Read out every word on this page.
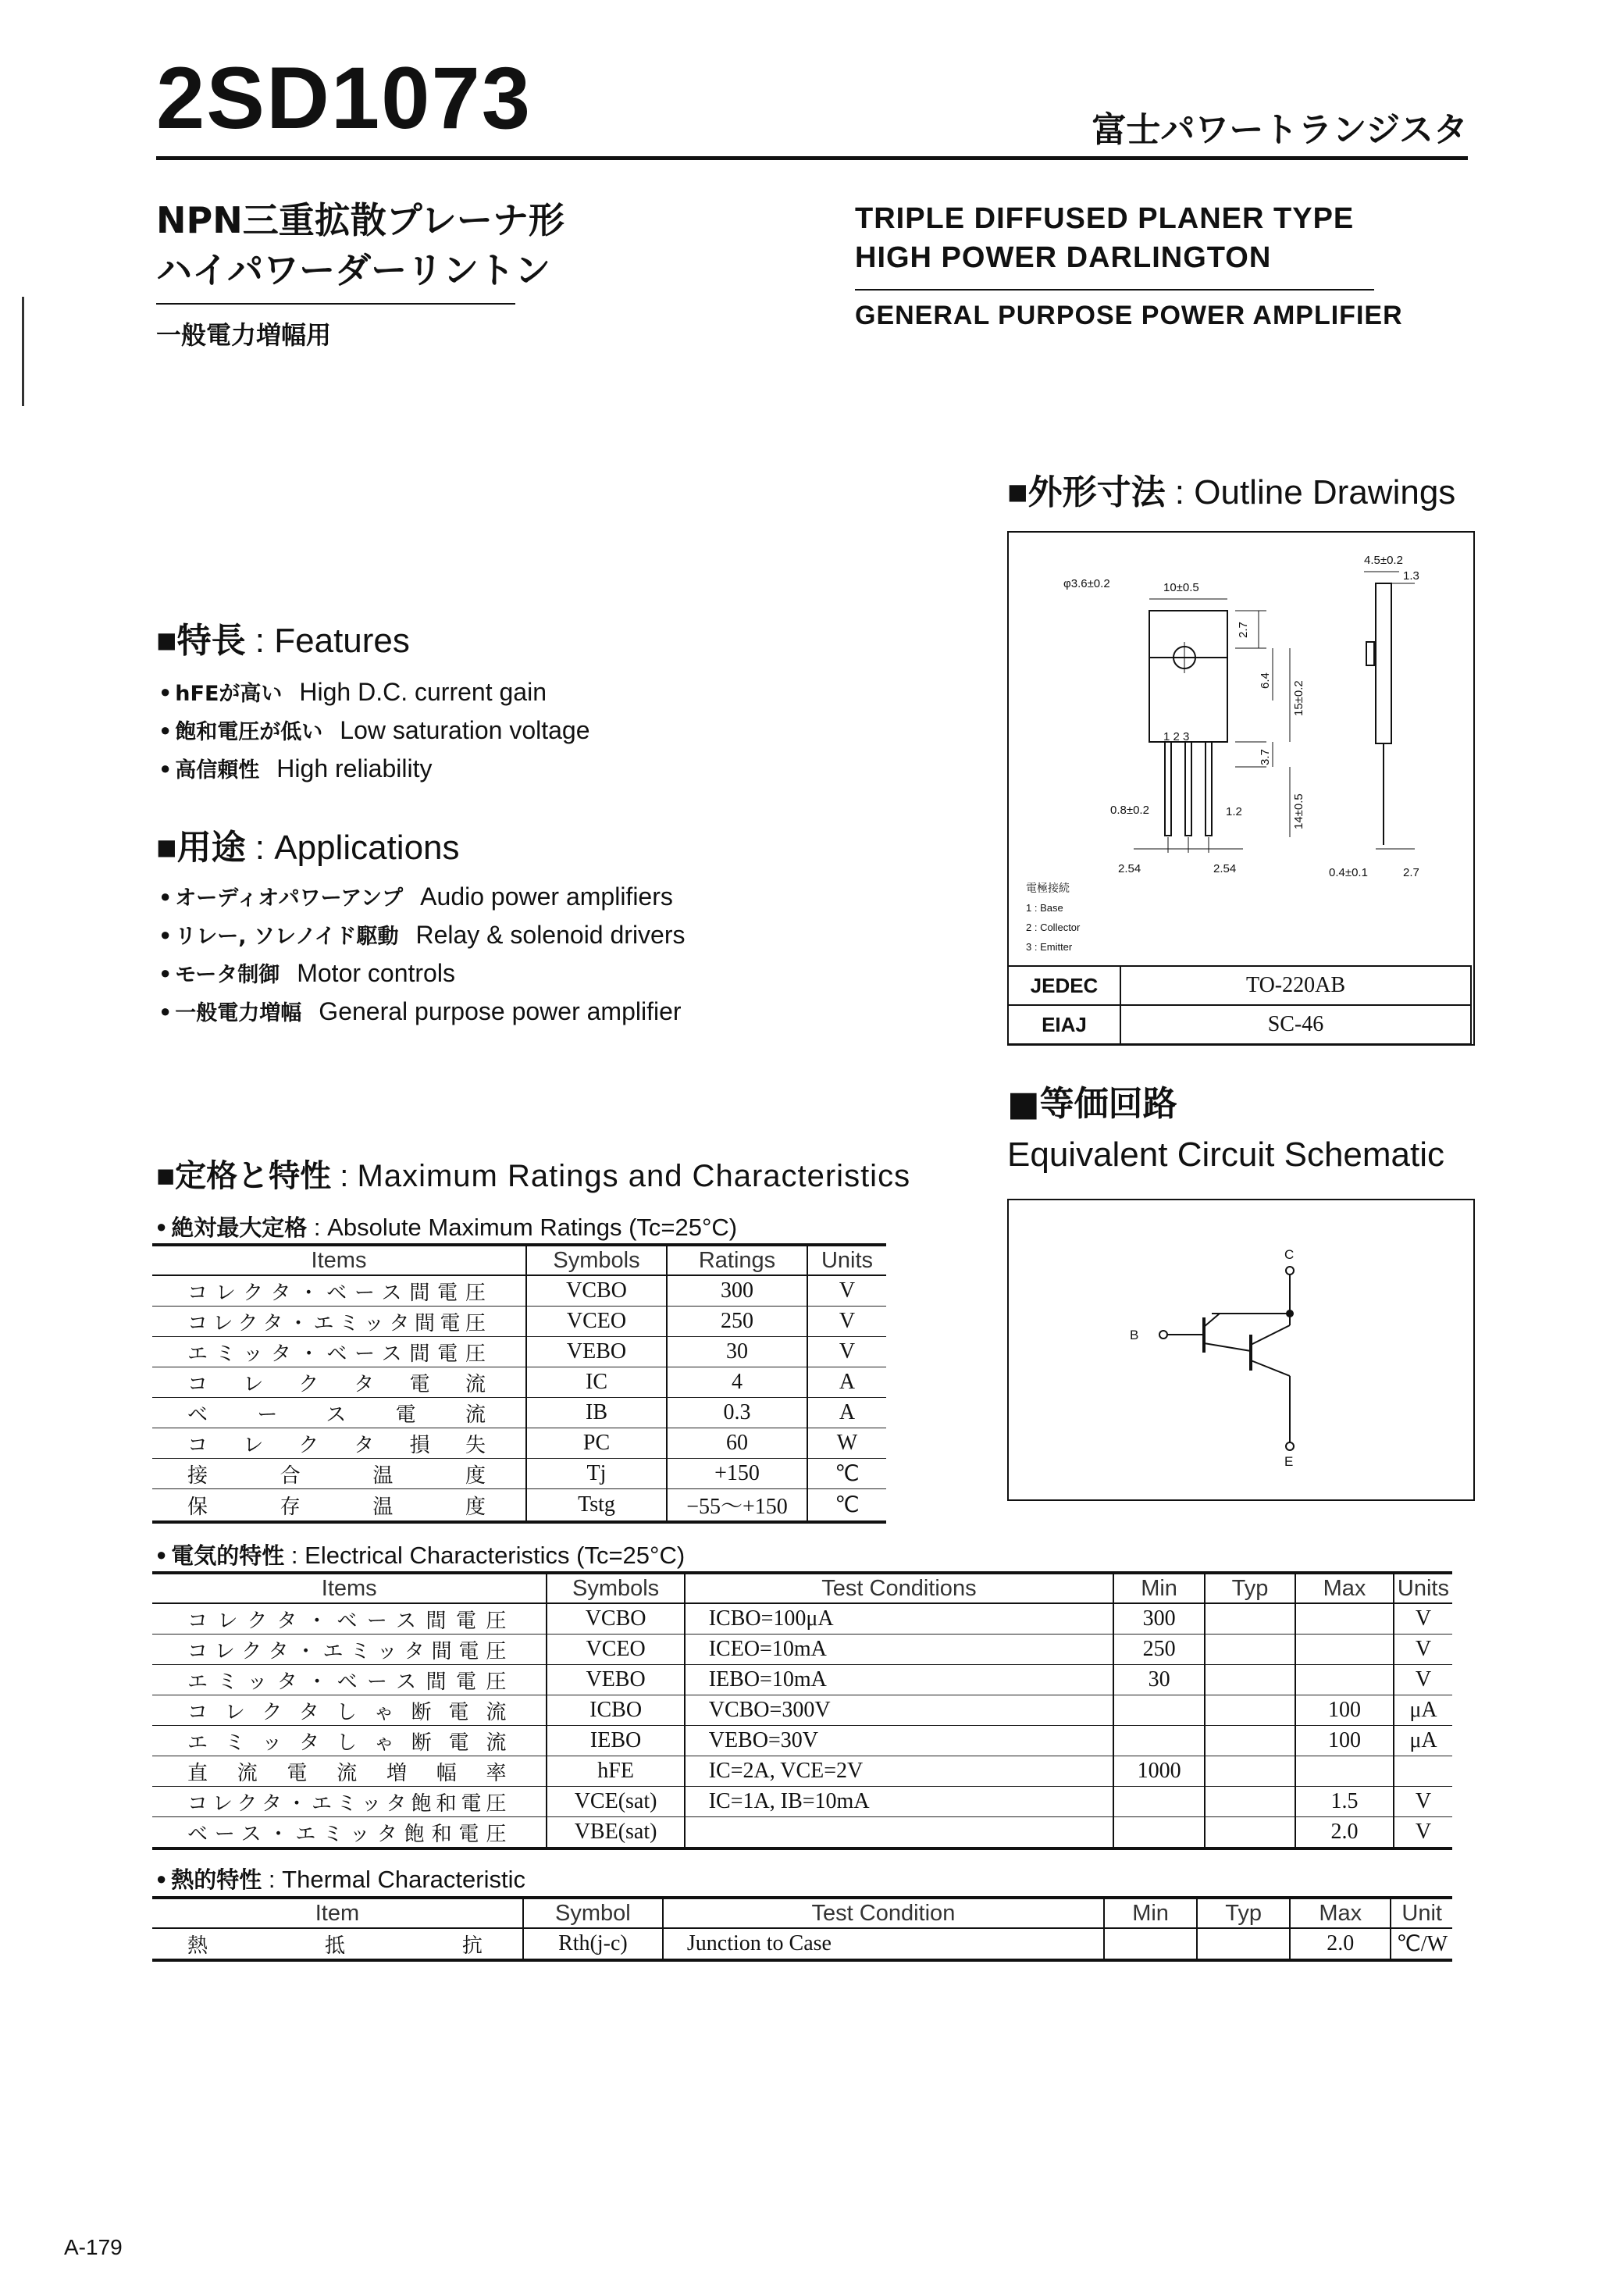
2SD1073	富士パワートランジスタ
NPN三重拡散プレーナ形
ハイパワーダーリントン
一般電力増幅用
TRIPLE DIFFUSED PLANER TYPE
HIGH POWER DARLINGTON
GENERAL PURPOSE POWER AMPLIFIER
■特長 : Features
● hFEが高い High D.C. current gain
● 飽和電圧が低い Low saturation voltage
● 高信頼性 High reliability
■用途 : Applications
● オーディオパワーアンプ Audio power amplifiers
● リレー, ソレノイド駆動 Relay & solenoid drivers
● モータ制御 Motor controls
● 一般電力増幅 General purpose power amplifier
■外形寸法 : Outline Drawings
φ3.6±0.2	10±0.5
2.7
6.4 15±0.2
3.7
14±0.5
0.8±0.2	1.2
2.54	2.54
1 2 3
4.5±0.2
1.3
0.4±0.1	2.7
電極接続
1 : Base
2 : Collector
3 : Emitter
JEDEC	TO-220AB
EIAJ	SC-46
■等価回路
Equivalent Circuit Schematic
C
B
E
■定格と特性 : Maximum Ratings and Characteristics
● 絶対最大定格 : Absolute Maximum Ratings (Tc=25°C)
Items	Symbols	Ratings	Units
コレクタ・ベース間電圧	VCBO	300	V
コレクタ・エミッタ間電圧	VCEO	250	V
エミッタ・ベース間電圧	VEBO	30	V
コレクタ電流	IC	4	A
ベース電流	IB	0.3	A
コレクタ損失	PC	60	W
接合温度	Tj	+150	℃
保存温度	Tstg	−55〜+150	℃
● 電気的特性 : Electrical Characteristics (Tc=25°C)
Items	Symbols	Test Conditions	Min	Typ	Max	Units
コレクタ・ベース間電圧	VCBO	ICBO=100μA	300			V
コレクタ・エミッタ間電圧	VCEO	ICEO=10mA	250			V
エミッタ・ベース間電圧	VEBO	IEBO=10mA	30			V
コレクタしゃ断電流	ICBO	VCBO=300V			100	μA
エミッタしゃ断電流	IEBO	VEBO=30V			100	μA
直流電流増幅率	hFE	IC=2A, VCE=2V	1000			
コレクタ・エミッタ飽和電圧	VCE(sat)	IC=1A, IB=10mA			1.5	V
ベース・エミッタ飽和電圧	VBE(sat)				2.0	V
● 熱的特性 : Thermal Characteristic
Item	Symbol	Test Condition	Min	Typ	Max	Unit
熱抵抗	Rth(j-c)	Junction to Case			2.0	℃/W
A-179
